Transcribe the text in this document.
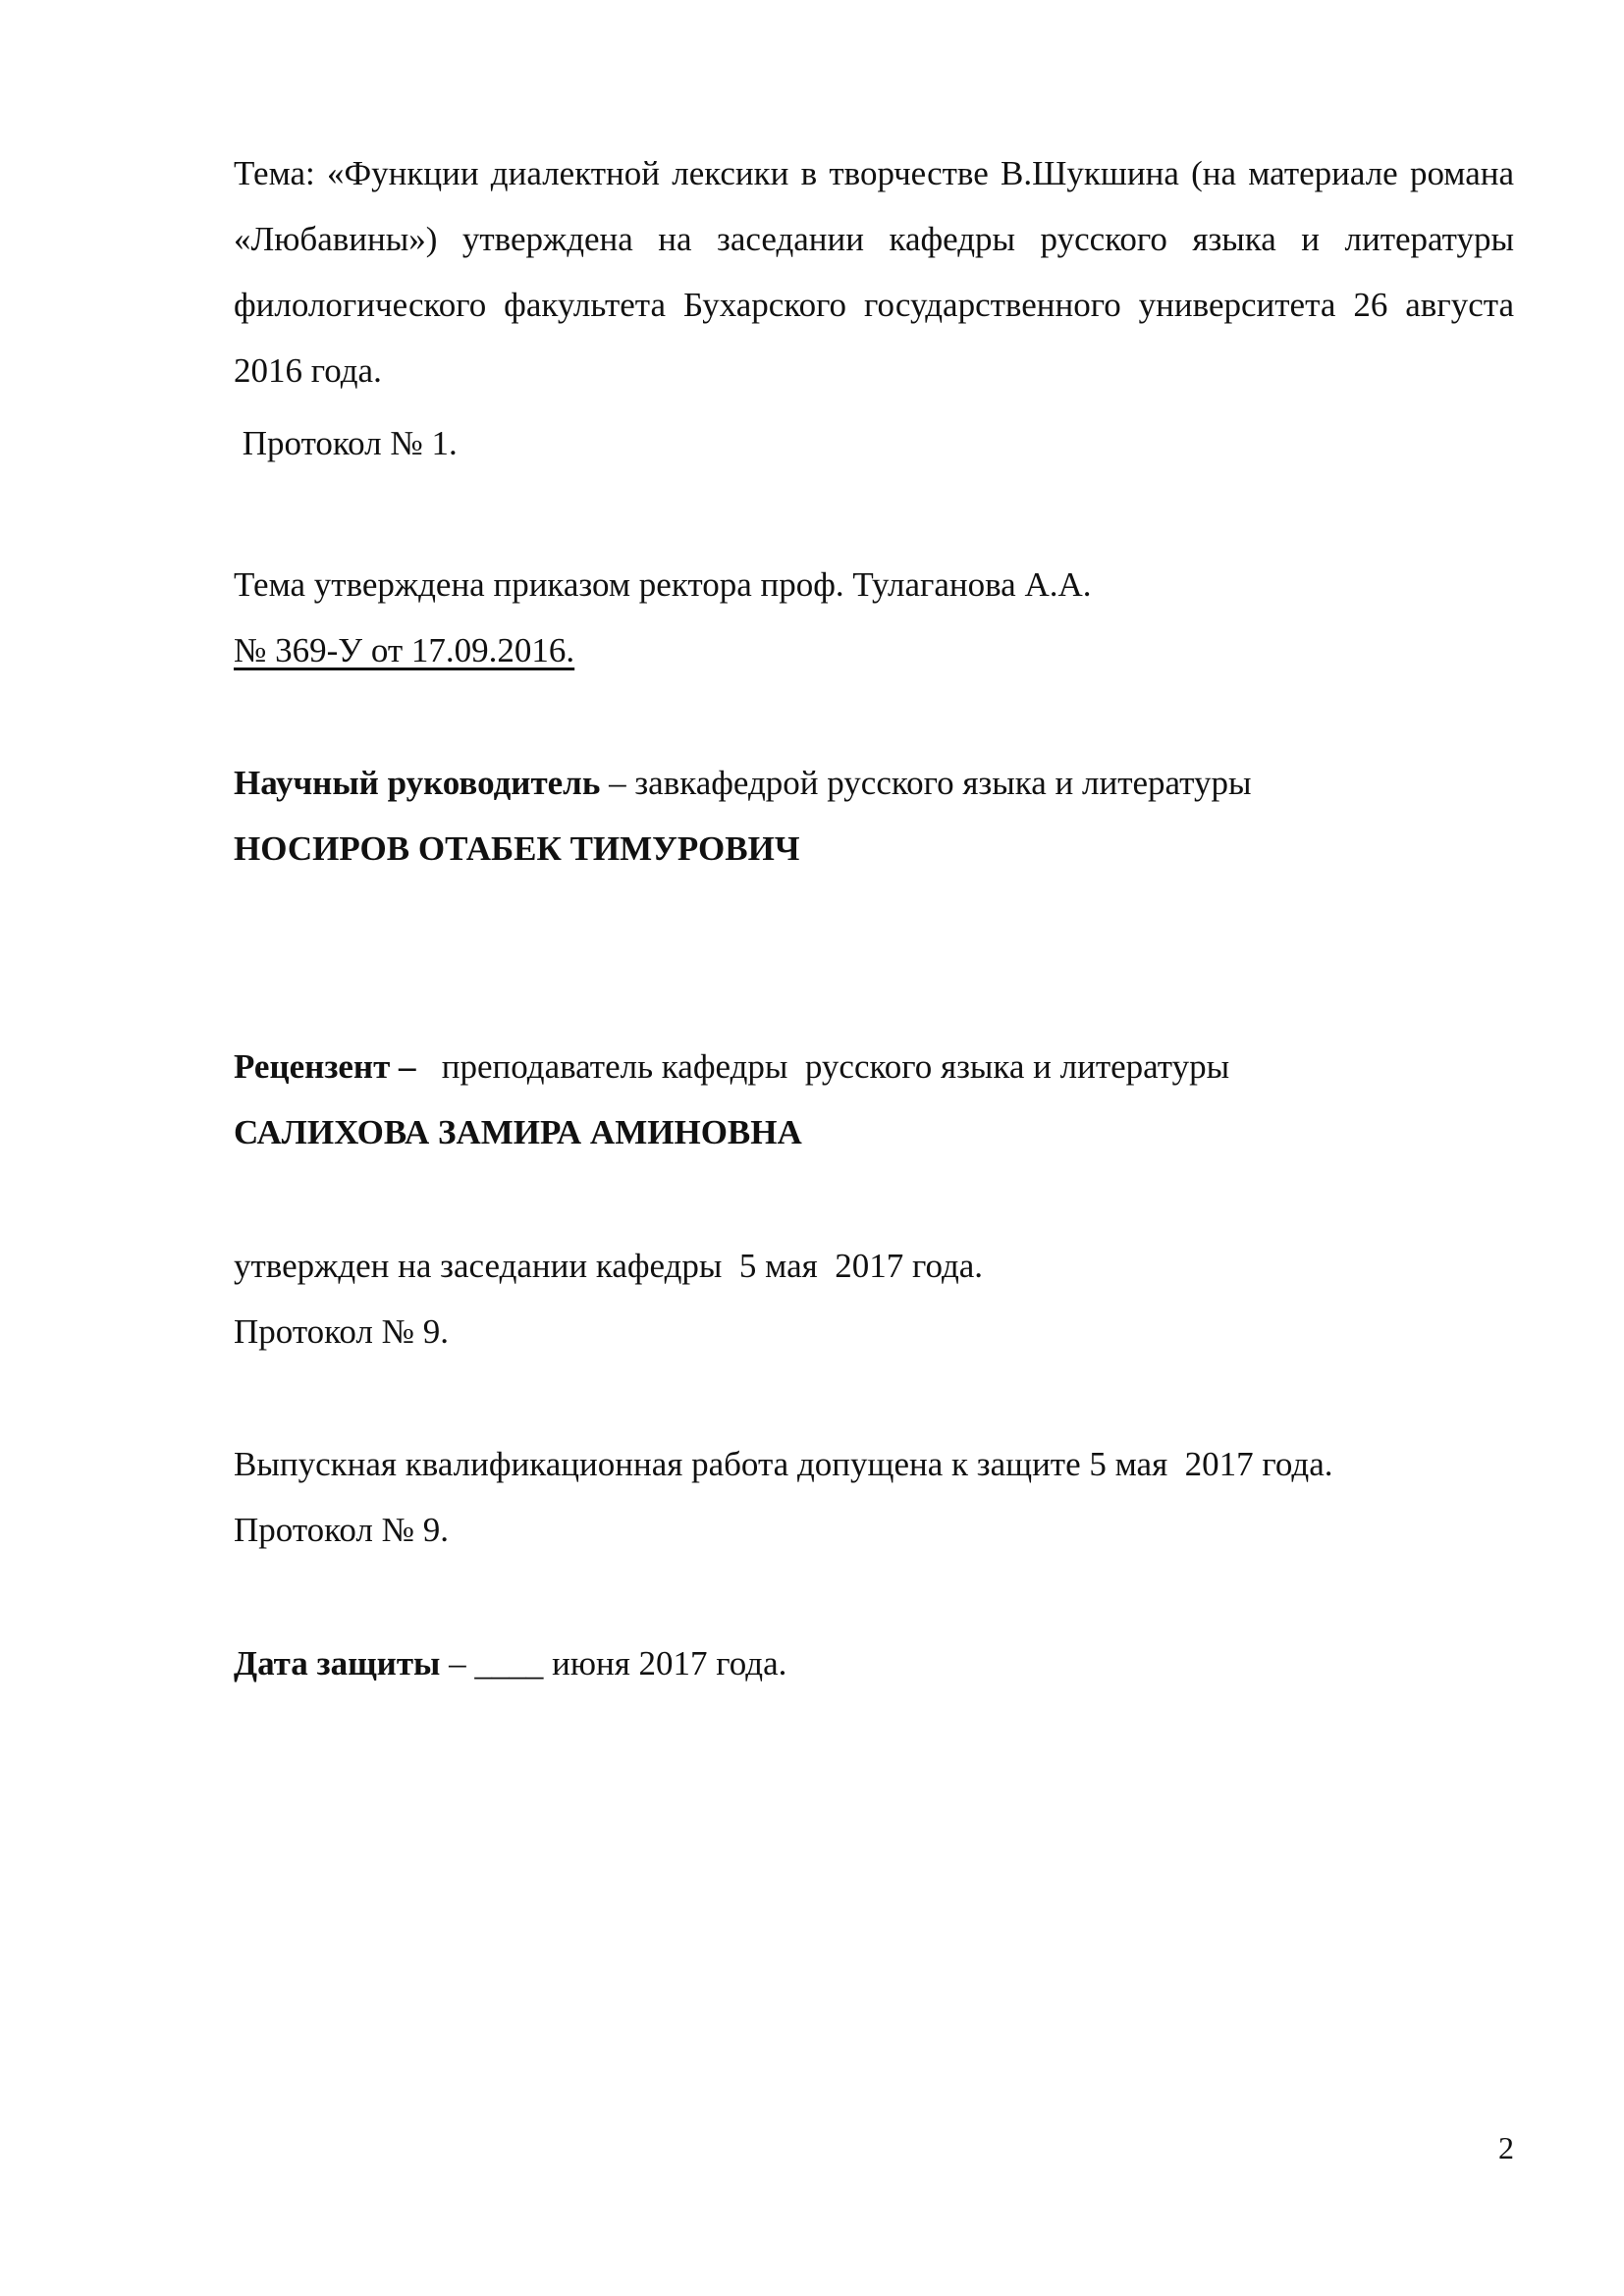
Тема: «Функции диалектной лексики в творчестве В.Шукшина (на материале романа «Любавины») утверждена на заседании кафедры русского языка и литературы филологического факультета Бухарского государственного университета 26 августа 2016 года.
Протокол № 1.
Тема утверждена приказом ректора проф. Тулаганова А.А.
№ 369-У от 17.09.2016.
Научный руководитель – завкафедрой русского языка и литературы
НОСИРОВ ОТАБЕК ТИМУРОВИЧ
Рецензент –   преподаватель кафедры  русского языка и литературы
САЛИХОВА ЗАМИРА АМИНОВНА
утвержден на заседании кафедры  5 мая  2017 года.
Протокол № 9.
Выпускная квалификационная работа допущена к защите 5 мая  2017 года.
Протокол № 9.
Дата защиты – ____ июня 2017 года.
2
